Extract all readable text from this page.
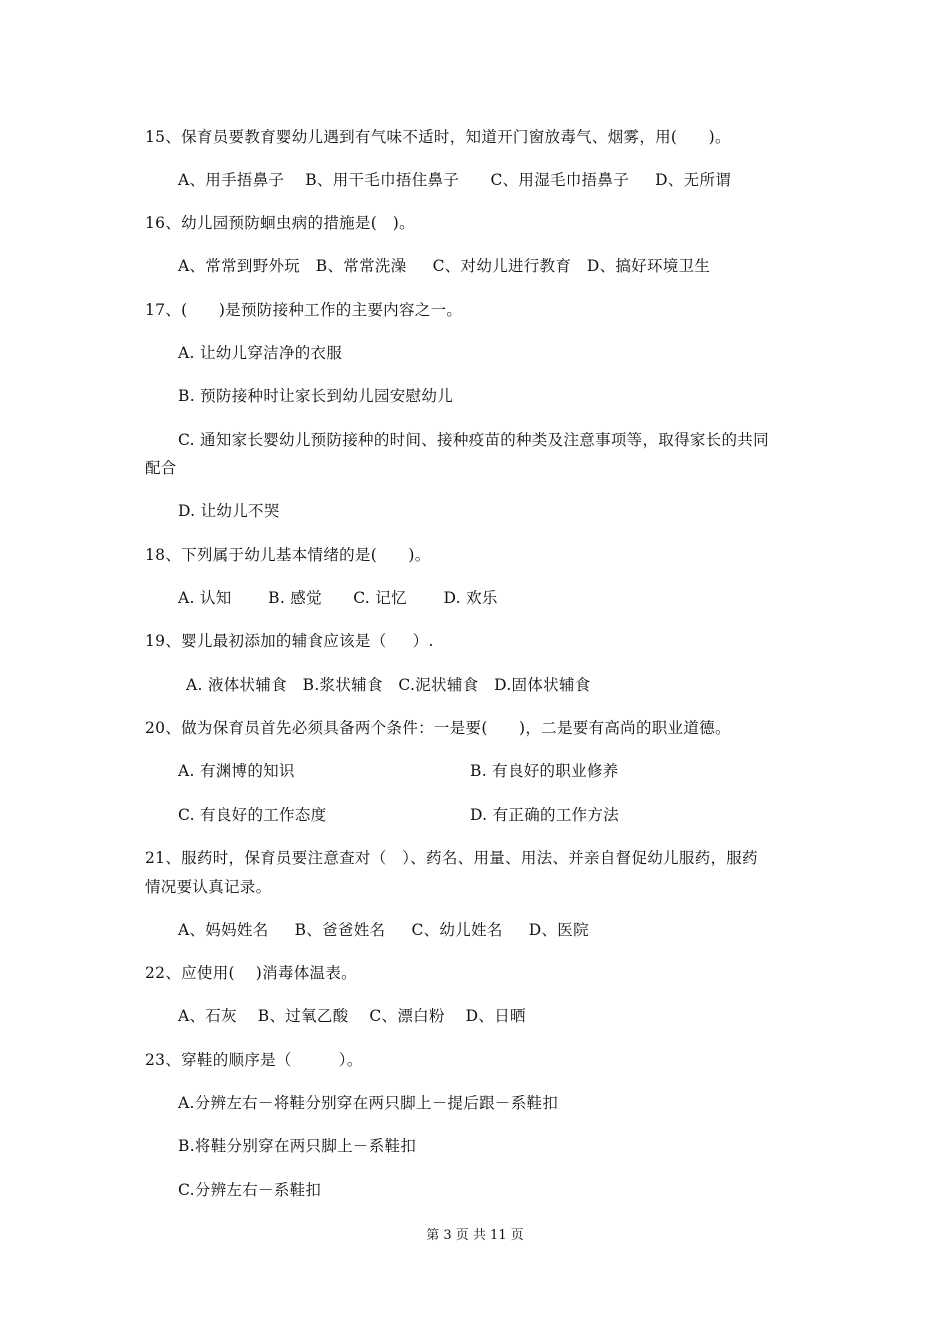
15、保育员要教育婴幼儿遇到有气味不适时，知道开门窗放毒气、烟雾，用(      )。
A、用手捂鼻子    B、用干毛巾捂住鼻子      C、用湿毛巾捂鼻子     D、无所谓
16、幼儿园预防蛔虫病的措施是(   )。
A、常常到野外玩   B、常常洗澡     C、对幼儿进行教育   D、搞好环境卫生
17、(      )是预防接种工作的主要内容之一。
A. 让幼儿穿洁净的衣服
B. 预防接种时让家长到幼儿园安慰幼儿
C. 通知家长婴幼儿预防接种的时间、接种疫苗的种类及注意事项等，取得家长的共同
配合
D. 让幼儿不哭
18、下列属于幼儿基本情绪的是(      )。
A. 认知       B. 感觉      C. 记忆       D. 欢乐
19、婴儿最初添加的辅食应该是（     ）.
A. 液体状辅食   B.浆状辅食   C.泥状辅食   D.固体状辅食
20、做为保育员首先必须具备两个条件：一是要(      )，二是要有高尚的职业道德。
A. 有渊博的知识	B. 有良好的职业修养
C. 有良好的工作态度	D. 有正确的工作方法
21、服药时，保育员要注意查对（   ）、药名、用量、用法、并亲自督促幼儿服药，服药
情况要认真记录。
A、妈妈姓名     B、爸爸姓名     C、幼儿姓名     D、医院
22、应使用(    )消毒体温表。
A、石灰    B、过氧乙酸    C、漂白粉    D、日晒
23、穿鞋的顺序是（         ）。
A.分辨左右－将鞋分别穿在两只脚上－提后跟－系鞋扣
B.将鞋分别穿在两只脚上－系鞋扣
C.分辨左右－系鞋扣
第 3 页 共 11 页
